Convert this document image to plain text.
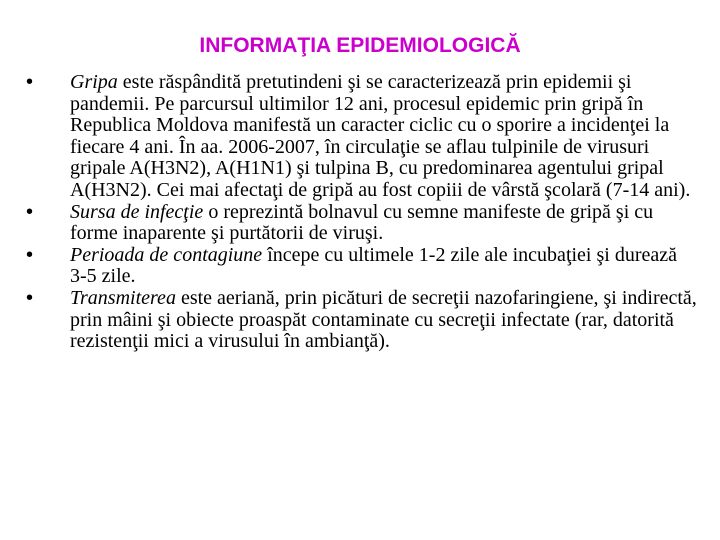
INFORMAŢIA EPIDEMIOLOGICĂ
•	Gripa este răspândită pretutindeni şi se caracterizează prin epidemii şi pandemii. Pe parcursul ultimilor 12 ani, procesul epidemic prin gripă în Republica Moldova manifestă un caracter ciclic cu o sporire a incidenţei la fiecare 4 ani. În aa. 2006-2007, în circulaţie se aflau tulpinile de virusuri gripale A(H3N2), A(H1N1) şi tulpina B, cu predominarea agentului gripal A(H3N2). Cei mai afectaţi de gripă au fost copiii de vârstă şcolară (7-14 ani).
•	Sursa de infecţie o reprezintă bolnavul cu semne manifeste de gripă şi cu forme inaparente şi purtătorii de viruşi.
•	Perioada de contagiune începe cu ultimele 1-2 zile ale incubaţiei şi durează 3-5 zile.
•	Transmiterea este aeriană, prin picături de secreţii nazofaringiene, şi indirectă, prin mâini şi obiecte proaspăt contaminate cu secreţii infectate (rar, datorită rezistenţii mici a virusului în ambianţă).
